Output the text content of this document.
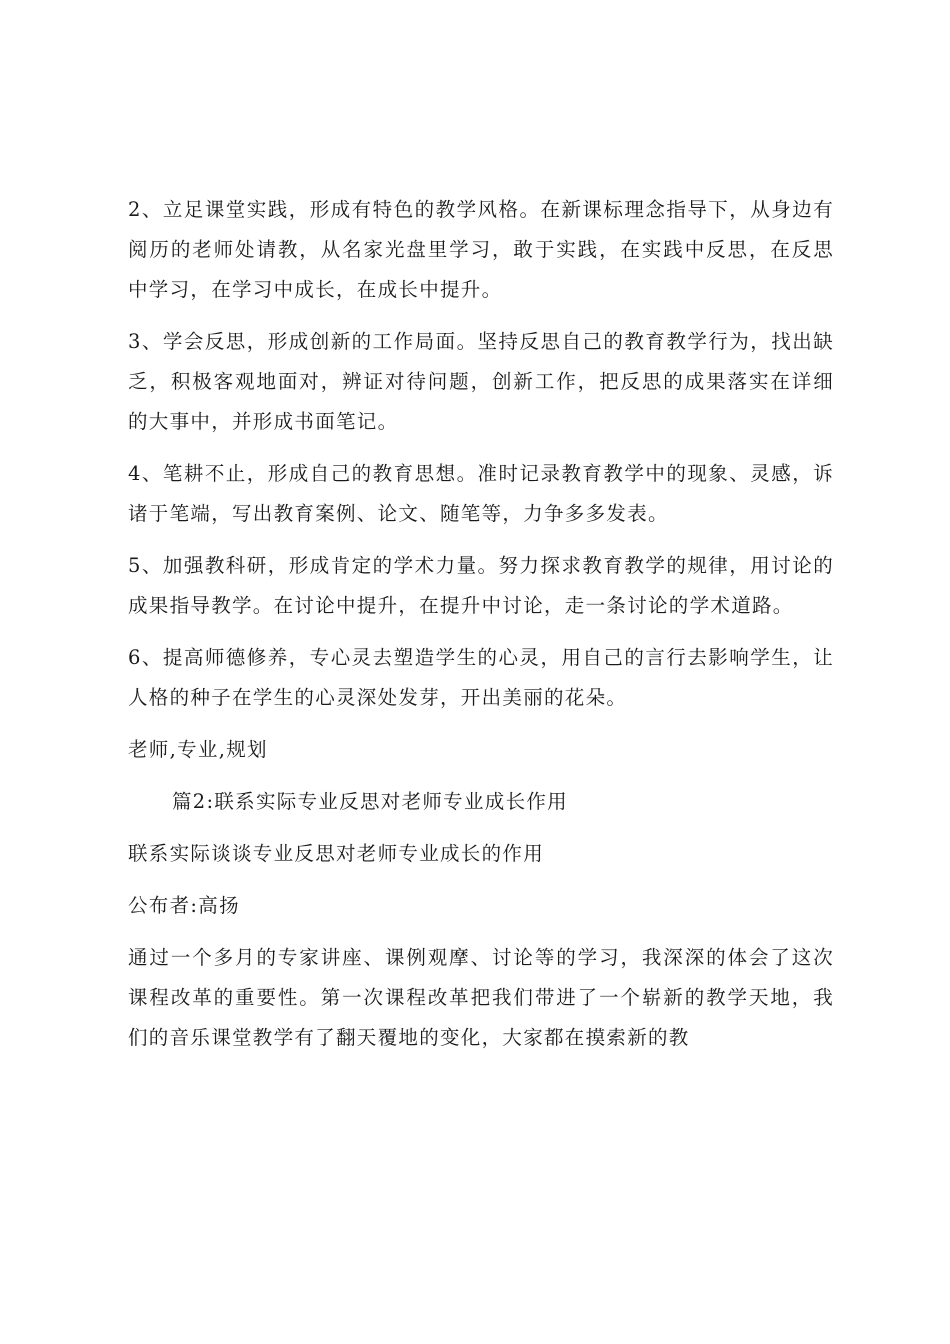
2、立足课堂实践，形成有特色的教学风格。在新课标理念指导下，从身边有阅历的老师处请教，从名家光盘里学习，敢于实践，在实践中反思，在反思中学习，在学习中成长，在成长中提升。

3、学会反思，形成创新的工作局面。坚持反思自己的教育教学行为，找出缺乏，积极客观地面对，辨证对待问题，创新工作，把反思的成果落实在详细的大事中，并形成书面笔记。

4、笔耕不止，形成自己的教育思想。准时记录教育教学中的现象、灵感，诉诸于笔端，写出教育案例、论文、随笔等，力争多多发表。

5、加强教科研，形成肯定的学术力量。努力探求教育教学的规律，用讨论的成果指导教学。在讨论中提升，在提升中讨论，走一条讨论的学术道路。

6、提高师德修养，专心灵去塑造学生的心灵，用自己的言行去影响学生，让人格的种子在学生的心灵深处发芽，开出美丽的花朵。

老师,专业,规划

篇2:联系实际专业反思对老师专业成长作用

联系实际谈谈专业反思对老师专业成长的作用

公布者:高扬

通过一个多月的专家讲座、课例观摩、讨论等的学习，我深深的体会了这次课程改革的重要性。第一次课程改革把我们带进了一个崭新的教学天地，我们的音乐课堂教学有了翻天覆地的变化，大家都在摸索新的教
